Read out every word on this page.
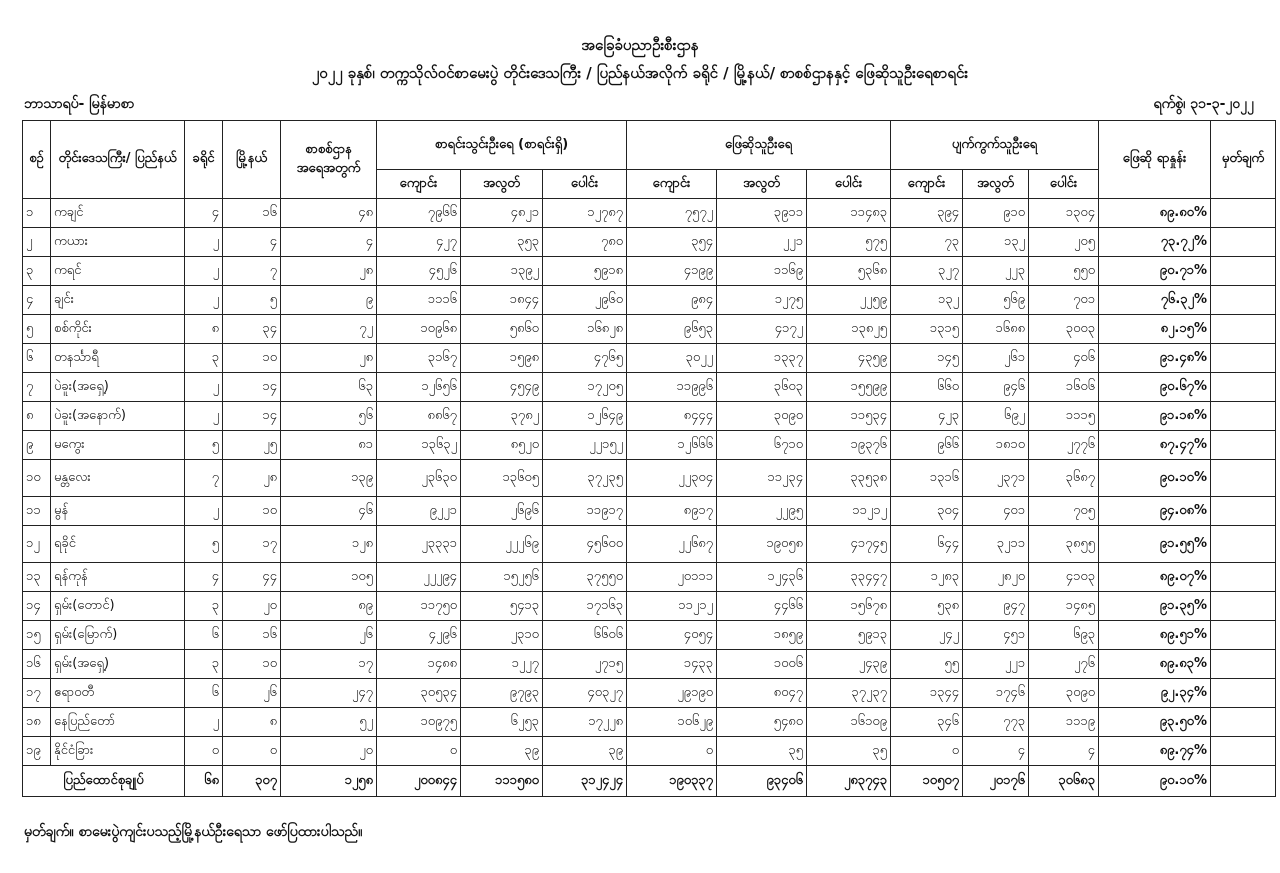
အခြေခံပညာဦးစီးဌာန
၂၀၂၂ ခုနှစ်၊ တက္ကသိုလ်ဝင်စာမေးပွဲ တိုင်းဒေသကြီး / ပြည်နယ်အလိုက် ခရိုင် / မြို့နယ်/ စာစစ်ဌာနနှင့် ဖြေဆိုသူဦးရေစာရင်း
ဘာသာရပ်- မြန်မာစာ	ရက်စွဲ၊ ၃၁-၃-၂၀၂၂
စဉ်	တိုင်းဒေသကြီး/ ပြည်နယ်	ခရိုင်	မြို့နယ်	စာစစ်ဌာန အရေအတွက်	စာရင်းသွင်းဦးရေ (စာရင်းရှိ)			ဖြေဆိုသူဦးရေ			ပျက်ကွက်သူဦးရေ			ဖြေဆို ရာနှုန်း	မှတ်ချက်
					ကျောင်း	အလွတ်	ပေါင်း	ကျောင်း	အလွတ်	ပေါင်း	ကျောင်း	အလွတ်	ပေါင်း		
၁	ကချင်	၄	၁၆	၄၈	၇၉၆၆	၄၈၂၁	၁၂၇၈၇	၇၅၇၂	၃၉၁၁	၁၁၄၈၃	၃၉၄	၉၁၀	၁၃၀၄	၈၉.၈၀%	
၂	ကယား	၂	၄	၄	၄၂၇	၃၅၃	၇၈၀	၃၅၄	၂၂၁	၅၇၅	၇၃	၁၃၂	၂၀၅	၇၃.၇၂%	
၃	ကရင်	၂	၇	၂၈	၄၅၂၆	၁၃၉၂	၅၉၁၈	၄၁၉၉	၁၁၆၉	၅၃၆၈	၃၂၇	၂၂၃	၅၅၀	၉၀.၇၁%	
၄	ချင်း	၂	၅	၉	၁၁၁၆	၁၈၄၄	၂၉၆၀	၉၈၄	၁၂၇၅	၂၂၅၉	၁၃၂	၅၆၉	၇၀၁	၇၆.၃၂%	
၅	စစ်ကိုင်း	၈	၃၄	၇၂	၁၀၉၆၈	၅၈၆၀	၁၆၈၂၈	၉၆၅၃	၄၁၇၂	၁၃၈၂၅	၁၃၁၅	၁၆၈၈	၃၀၀၃	၈၂.၁၅%	
၆	တနင်္သာရီ	၃	၁၀	၂၈	၃၁၆၇	၁၅၉၈	၄၇၆၅	၃၀၂၂	၁၃၃၇	၄၃၅၉	၁၄၅	၂၆၁	၄၀၆	၉၁.၄၈%	
၇	ပဲခူး(အရှေ့)	၂	၁၄	၆၃	၁၂၆၅၆	၄၅၄၉	၁၇၂၀၅	၁၁၉၉၆	၃၆၀၃	၁၅၅၉၉	၆၆၀	၉၄၆	၁၆၀၆	၉၀.၆၇%	
၈	ပဲခူး(အနောက်)	၂	၁၄	၅၆	၈၈၆၇	၃၇၈၂	၁၂၆၄၉	၈၄၄၄	၃၀၉၀	၁၁၅၃၄	၄၂၃	၆၉၂	၁၁၁၅	၉၁.၁၈%	
၉	မကွေး	၅	၂၅	၈၁	၁၃၆၃၂	၈၅၂၀	၂၂၁၅၂	၁၂၆၆၆	၆၇၁၀	၁၉၃၇၆	၉၆၆	၁၈၁၀	၂၇၇၆	၈၇.၄၇%	
၁၀	မန္တလေး	၇	၂၈	၁၃၉	၂၃၆၃၀	၁၃၆၀၅	၃၇၂၃၅	၂၂၃၀၄	၁၁၂၃၄	၃၃၅၃၈	၁၃၁၆	၂၃၇၁	၃၆၈၇	၉၀.၁၀%	
၁၁	မွန်	၂	၁၀	၄၆	၉၂၂၁	၂၆၉၆	၁၁၉၁၇	၈၉၁၇	၂၂၉၅	၁၁၂၁၂	၃၀၄	၄၀၁	၇၀၅	၉၄.၀၈%	
၁၂	ရခိုင်	၅	၁၇	၁၂၈	၂၃၃၃၁	၂၂၂၆၉	၄၅၆၀၀	၂၂၆၈၇	၁၉၀၅၈	၄၁၇၄၅	၆၄၄	၃၂၁၁	၃၈၅၅	၉၁.၅၅%	
၁၃	ရန်ကုန်	၄	၄၄	၁၀၅	၂၂၂၉၄	၁၅၂၅၆	၃၇၅၅၀	၂၀၁၁၁	၁၂၄၃၆	၃၃၄၄၇	၁၂၈၃	၂၈၂၀	၄၁၀၃	၈၉.၀၇%	
၁၄	ရှမ်း(တောင်)	၃	၂၀	၈၉	၁၁၇၅၀	၅၄၁၃	၁၇၁၆၃	၁၁၂၁၂	၄၄၆၆	၁၅၆၇၈	၅၃၈	၉၄၇	၁၄၈၅	၉၁.၃၅%	
၁၅	ရှမ်း(မြောက်)	၆	၁၆	၂၆	၄၂၉၆	၂၃၁၀	၆၆၀၆	၄၀၅၄	၁၈၅၉	၅၉၁၃	၂၄၂	၄၅၁	၆၉၃	၈၉.၅၁%	
၁၆	ရှမ်း(အရှေ့)	၃	၁၀	၁၇	၁၄၈၈	၁၂၂၇	၂၇၁၅	၁၄၃၃	၁၀၀၆	၂၄၃၉	၅၅	၂၂၁	၂၇၆	၈၉.၈၃%	
၁၇	ဧရာဝတီ	၆	၂၆	၂၄၇	၃၀၅၃၄	၉၇၉၃	၄၀၃၂၇	၂၉၁၉၀	၈၀၄၇	၃၇၂၃၇	၁၃၄၄	၁၇၄၆	၃၀၉၀	၉၂.၃၄%	
၁၈	နေပြည်တော်	၂	၈	၅၂	၁၀၉၇၅	၆၂၅၃	၁၇၂၂၈	၁၀၆၂၉	၅၄၈၀	၁၆၁၀၉	၃၄၆	၇၇၃	၁၁၁၉	၉၃.၅၀%	
၁၉	နိုင်ငံခြား	၀	၀	၂၀	၀	၃၉	၃၉	၀	၃၅	၃၅	၀	၄	၄	၈၉.၇၄%	
ပြည်ထောင်စုချုပ်		၆၈	၃၀၇	၁၂၅၈	၂၀၀၈၄၄	၁၁၁၅၈၀	၃၁၂၄၂၄	၁၉၀၃၃၇	၉၃၄၀၆	၂၈၃၇၄၃	၁၀၅၀၇	၂၀၁၇၆	၃၀၆၈၃	၉၀.၁၀%	
မှတ်ချက်။ စာမေးပွဲကျင်းပသည့်မြို့နယ်ဦးရေသာ ဖော်ပြထားပါသည်။
